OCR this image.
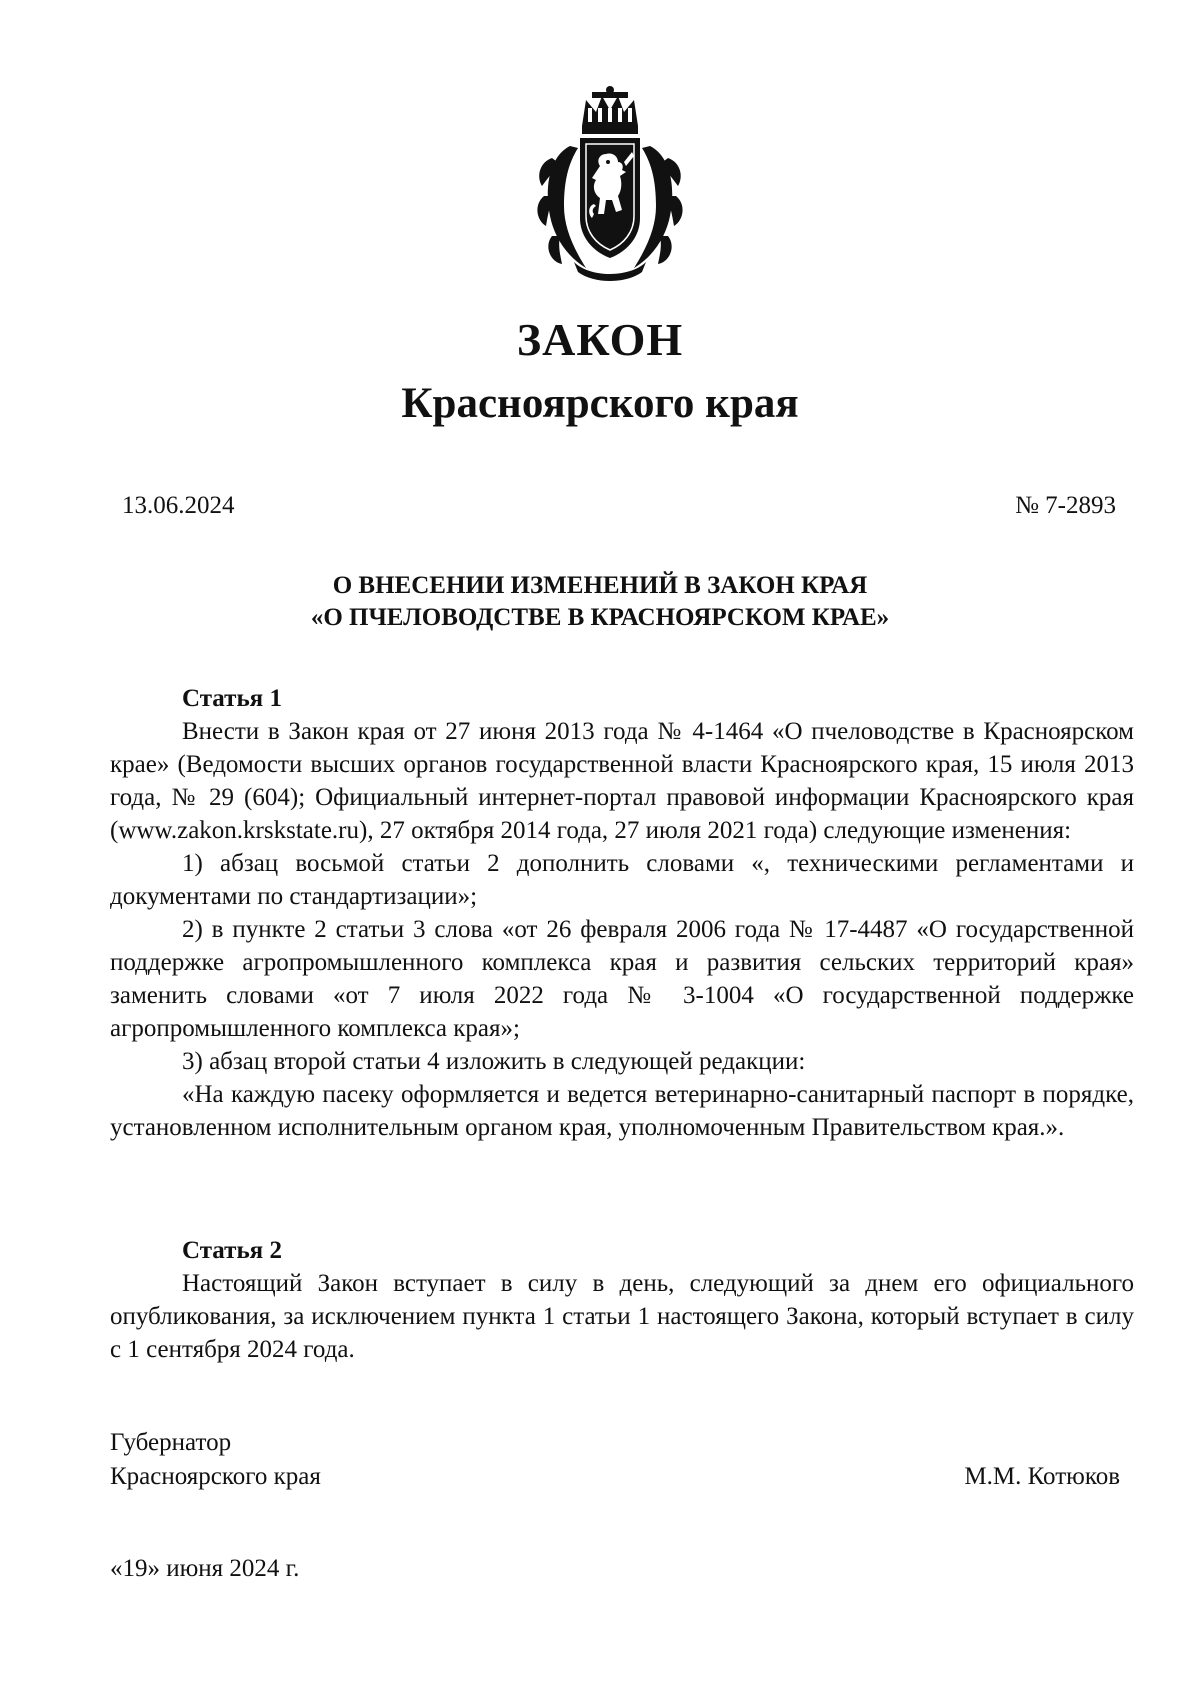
ЗАКОН
Красноярского края
13.06.2024	№ 7-2893
О ВНЕСЕНИИ ИЗМЕНЕНИЙ В ЗАКОН КРАЯ
«О ПЧЕЛОВОДСТВЕ В КРАСНОЯРСКОМ КРАЕ»
Статья 1

Внести в Закон края от 27 июня 2013 года № 4-1464 «О пчеловодстве в Красноярском крае» (Ведомости высших органов государственной власти Красноярского края, 15 июля 2013 года, № 29 (604); Официальный интернет-портал правовой информации Красноярского края (www.zakon.krskstate.ru), 27 октября 2014 года, 27 июля 2021 года) следующие изменения:

1) абзац восьмой статьи 2 дополнить словами «, техническими регламентами и документами по стандартизации»;

2) в пункте 2 статьи 3 слова «от 26 февраля 2006 года № 17-4487 «О государственной поддержке агропромышленного комплекса края и развития сельских территорий края» заменить словами «от 7 июля 2022 года № 3-1004 «О государственной поддержке агропромышленного комплекса края»;

3) абзац второй статьи 4 изложить в следующей редакции:

«На каждую пасеку оформляется и ведется ветеринарно-санитарный паспорт в порядке, установленном исполнительным органом края, уполномоченным Правительством края.».

Статья 2

Настоящий Закон вступает в силу в день, следующий за днем его официального опубликования, за исключением пункта 1 статьи 1 настоящего Закона, который вступает в силу с 1 сентября 2024 года.

Губернатор
Красноярского края	М.М. Котюков
«19» июня 2024 г.
